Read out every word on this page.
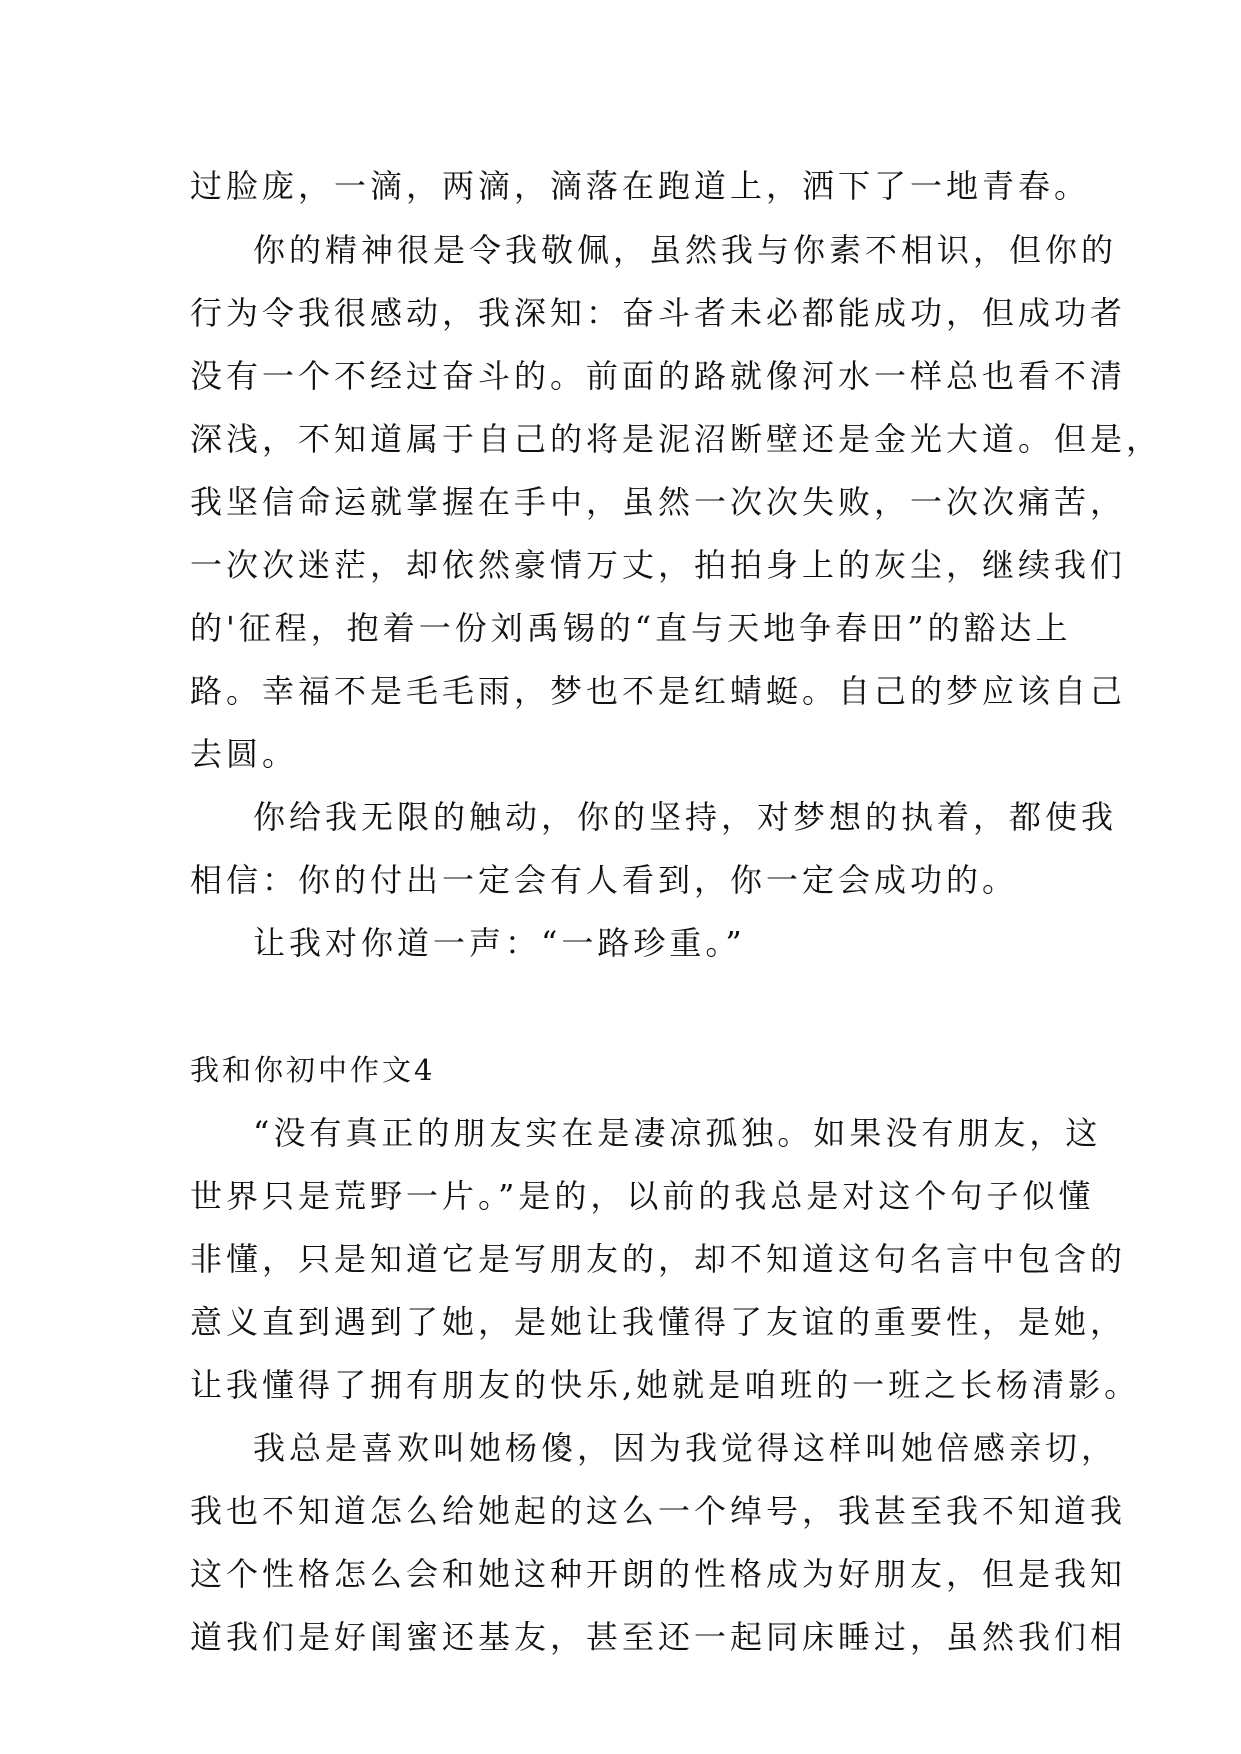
过脸庞，一滴，两滴，滴落在跑道上，洒下了一地青春。
你的精神很是令我敬佩，虽然我与你素不相识，但你的
行为令我很感动，我深知：奋斗者未必都能成功，但成功者
没有一个不经过奋斗的。前面的路就像河水一样总也看不清
深浅，不知道属于自己的将是泥沼断壁还是金光大道。但是，
我坚信命运就掌握在手中，虽然一次次失败，一次次痛苦，
一次次迷茫，却依然豪情万丈，拍拍身上的灰尘，继续我们
的'征程，抱着一份刘禹锡的“直与天地争春田”的豁达上
路。幸福不是毛毛雨，梦也不是红蜻蜓。自己的梦应该自己
去圆。
你给我无限的触动，你的坚持，对梦想的执着，都使我
相信：你的付出一定会有人看到，你一定会成功的。
让我对你道一声：“一路珍重。”
我和你初中作文4
“没有真正的朋友实在是凄凉孤独。如果没有朋友，这
世界只是荒野一片。”是的，以前的我总是对这个句子似懂
非懂，只是知道它是写朋友的，却不知道这句名言中包含的
意义直到遇到了她，是她让我懂得了友谊的重要性，是她，
让我懂得了拥有朋友的快乐,她就是咱班的一班之长杨清影。
我总是喜欢叫她杨傻，因为我觉得这样叫她倍感亲切，
我也不知道怎么给她起的这么一个绰号，我甚至我不知道我
这个性格怎么会和她这种开朗的性格成为好朋友，但是我知
道我们是好闺蜜还基友，甚至还一起同床睡过，虽然我们相
